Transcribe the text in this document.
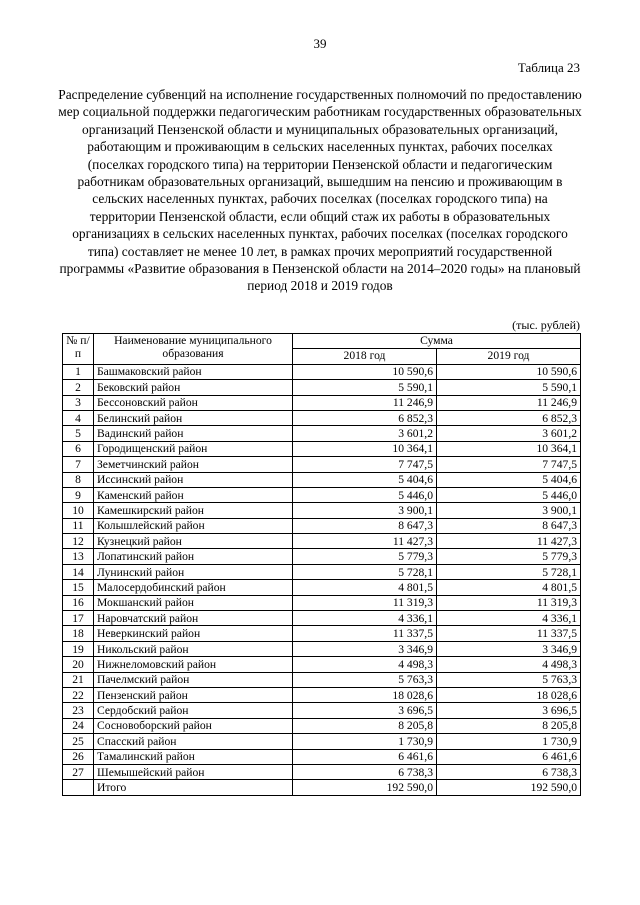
39
Таблица 23
Распределение субвенций на исполнение государственных полномочий по предоставлению мер социальной поддержки педагогическим работникам государственных образовательных организаций Пензенской области и муниципальных образовательных организаций, работающим и проживающим в сельских населенных пунктах, рабочих поселках (поселках городского типа) на территории Пензенской области и педагогическим работникам образовательных организаций, вышедшим на пенсию и проживающим в сельских населенных пунктах, рабочих поселках (поселках городского типа) на территории Пензенской области, если общий стаж их работы в образовательных организациях в сельских населенных пунктах, рабочих поселках (поселках городского типа) составляет не менее 10 лет, в рамках прочих мероприятий государственной программы «Развитие образования в Пензенской области на 2014–2020 годы» на плановый период 2018 и 2019 годов
(тыс. рублей)
№ п/п	Наименование муниципального образования	Сумма	
		2018 год	2019 год
1	Башмаковский район	10 590,6	10 590,6
2	Бековский район	5 590,1	5 590,1
3	Бессоновский район	11 246,9	11 246,9
4	Белинский район	6 852,3	6 852,3
5	Вадинский район	3 601,2	3 601,2
6	Городищенский район	10 364,1	10 364,1
7	Земетчинский район	7 747,5	7 747,5
8	Иссинский район	5 404,6	5 404,6
9	Каменский район	5 446,0	5 446,0
10	Камешкирский район	3 900,1	3 900,1
11	Колышлейский район	8 647,3	8 647,3
12	Кузнецкий район	11 427,3	11 427,3
13	Лопатинский район	5 779,3	5 779,3
14	Лунинский район	5 728,1	5 728,1
15	Малосердобинский район	4 801,5	4 801,5
16	Мокшанский район	11 319,3	11 319,3
17	Наровчатский район	4 336,1	4 336,1
18	Неверкинский район	11 337,5	11 337,5
19	Никольский район	3 346,9	3 346,9
20	Нижнеломовский район	4 498,3	4 498,3
21	Пачелмский район	5 763,3	5 763,3
22	Пензенский район	18 028,6	18 028,6
23	Сердобский район	3 696,5	3 696,5
24	Сосновоборский район	8 205,8	8 205,8
25	Спасский район	1 730,9	1 730,9
26	Тамалинский район	6 461,6	6 461,6
27	Шемышейский район	6 738,3	6 738,3
	Итого	192 590,0	192 590,0
